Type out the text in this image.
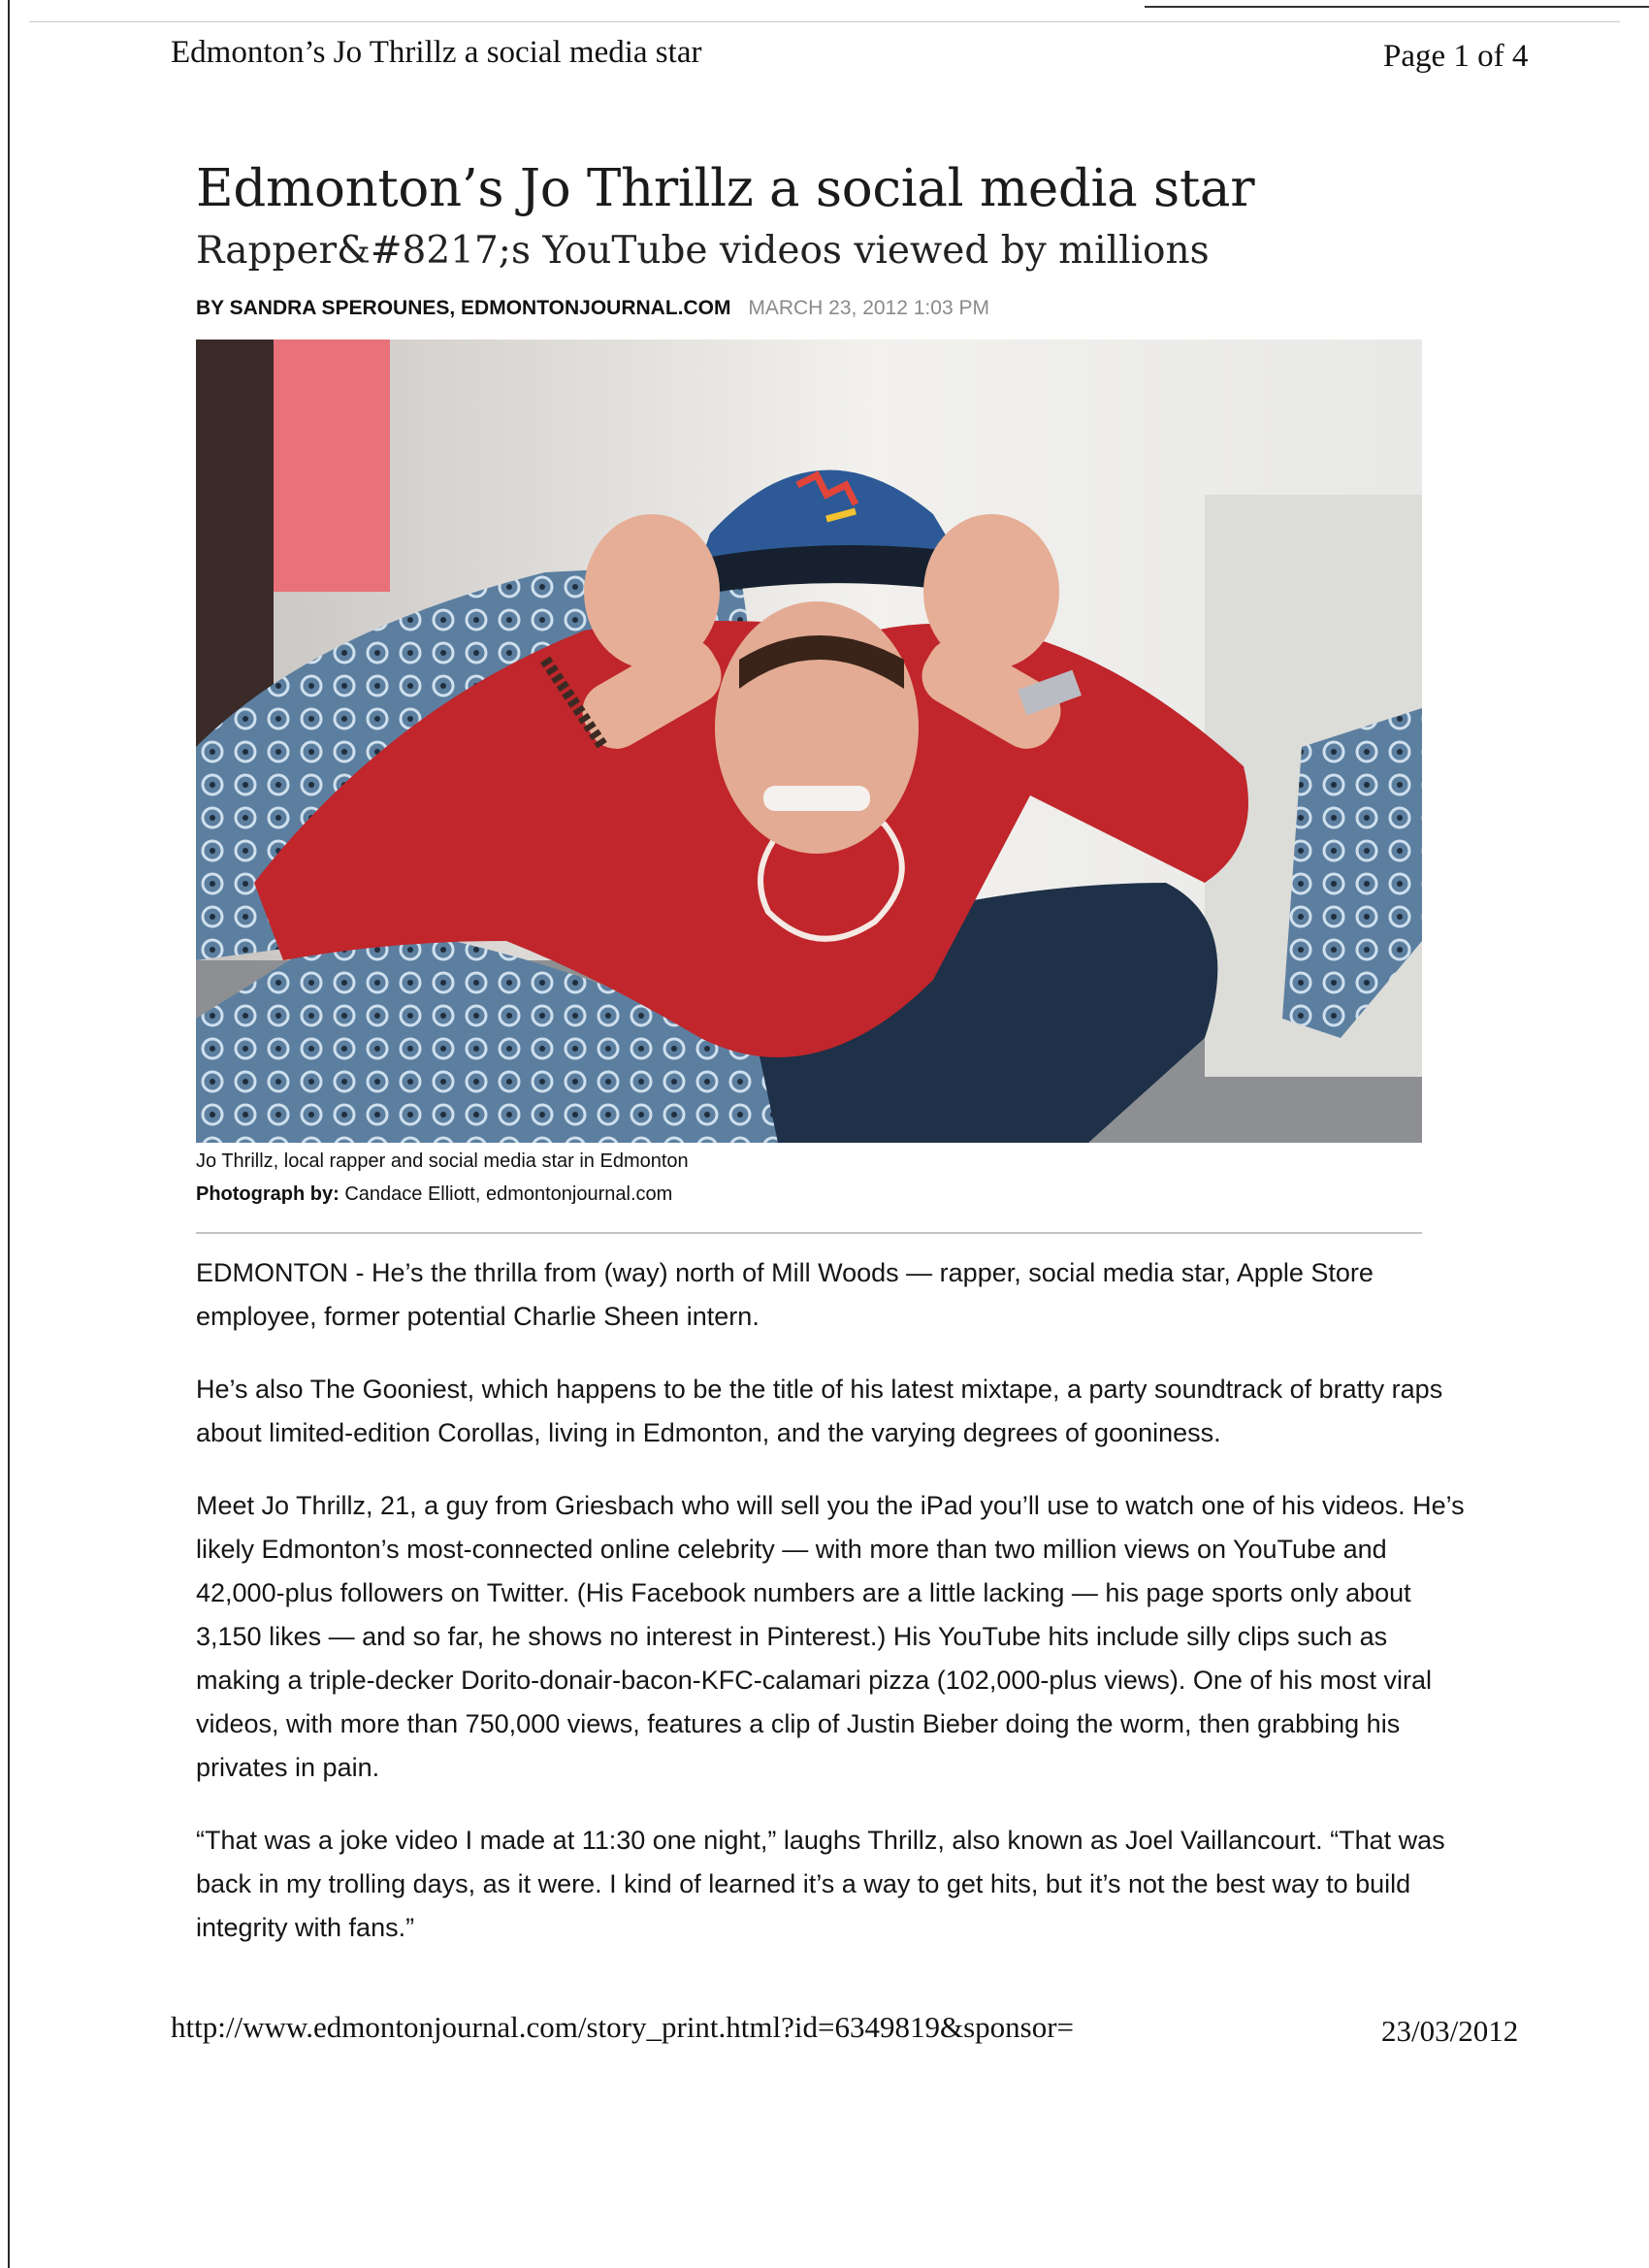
Edmonton’s Jo Thrillz a social media star	Page 1 of 4
Edmonton’s Jo Thrillz a social media star
Rapper&#8217;s YouTube videos viewed by millions
BY SANDRA SPEROUNES, EDMONTONJOURNAL.COM MARCH 23, 2012 1:03 PM
Jo Thrillz, local rapper and social media star in Edmonton
Photograph by: Candace Elliott, edmontonjournal.com

EDMONTON - He’s the thrilla from (way) north of Mill Woods — rapper, social media star, Apple Store employee, former potential Charlie Sheen intern.

He’s also The Gooniest, which happens to be the title of his latest mixtape, a party soundtrack of bratty raps about limited-edition Corollas, living in Edmonton, and the varying degrees of gooniness.

Meet Jo Thrillz, 21, a guy from Griesbach who will sell you the iPad you’ll use to watch one of his videos. He’s likely Edmonton’s most-connected online celebrity — with more than two million views on YouTube and 42,000-plus followers on Twitter. (His Facebook numbers are a little lacking — his page sports only about 3,150 likes — and so far, he shows no interest in Pinterest.) His YouTube hits include silly clips such as making a triple-decker Dorito-donair-bacon-KFC-calamari pizza (102,000-plus views). One of his most viral videos, with more than 750,000 views, features a clip of Justin Bieber doing the worm, then grabbing his privates in pain.

“That was a joke video I made at 11:30 one night,” laughs Thrillz, also known as Joel Vaillancourt. “That was back in my trolling days, as it were. I kind of learned it’s a way to get hits, but it’s not the best way to build integrity with fans.”

http://www.edmontonjournal.com/story_print.html?id=6349819&sponsor=	23/03/2012
